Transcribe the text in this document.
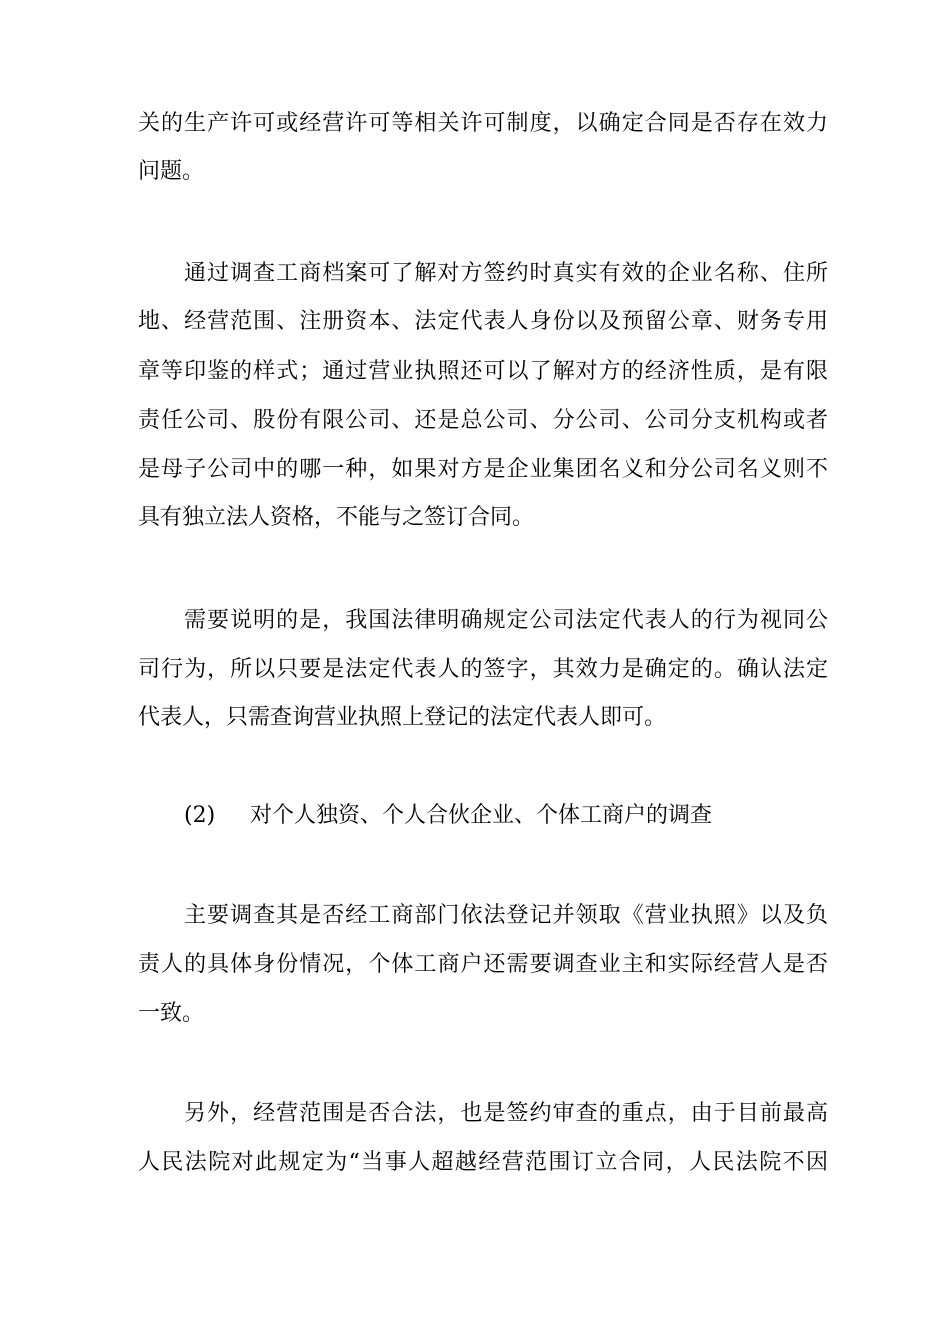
关的生产许可或经营许可等相关许可制度，以确定合同是否存在效力
问题。
通过调查工商档案可了解对方签约时真实有效的企业名称、住所
地、经营范围、注册资本、法定代表人身份以及预留公章、财务专用
章等印鉴的样式；通过营业执照还可以了解对方的经济性质，是有限
责任公司、股份有限公司、还是总公司、分公司、公司分支机构或者
是母子公司中的哪一种，如果对方是企业集团名义和分公司名义则不
具有独立法人资格，不能与之签订合同。
需要说明的是，我国法律明确规定公司法定代表人的行为视同公
司行为，所以只要是法定代表人的签字，其效力是确定的。确认法定
代表人，只需查询营业执照上登记的法定代表人即可。
(2) 对个人独资、个人合伙企业、个体工商户的调查
主要调查其是否经工商部门依法登记并领取《营业执照》以及负
责人的具体身份情况，个体工商户还需要调查业主和实际经营人是否
一致。
另外，经营范围是否合法，也是签约审查的重点，由于目前最高
人民法院对此规定为“当事人超越经营范围订立合同，人民法院不因
